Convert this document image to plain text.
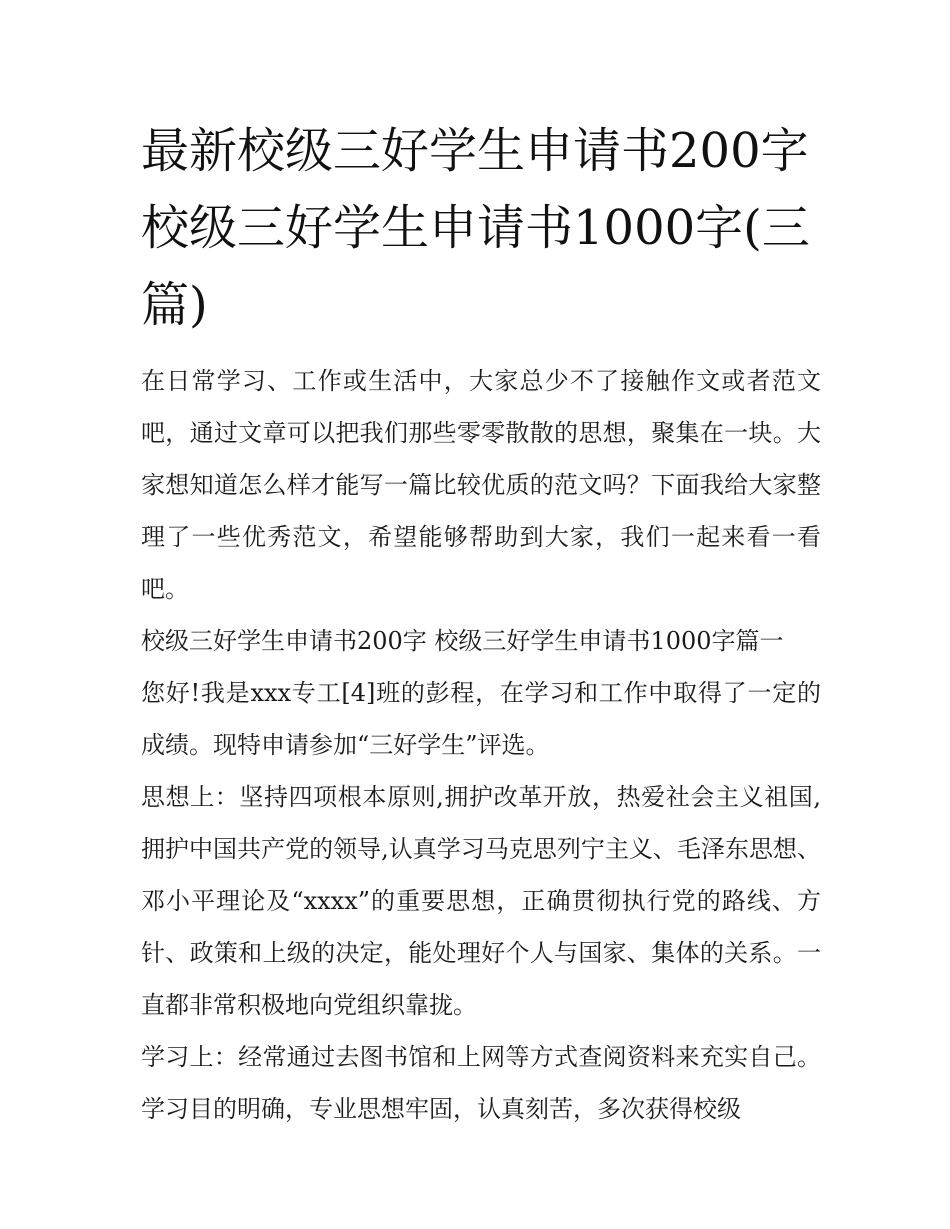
最新校级三好学生申请书200字 校级三好学生申请书1000字(三篇)

在日常学习、工作或生活中，大家总少不了接触作文或者范文吧，通过文章可以把我们那些零零散散的思想，聚集在一块。大家想知道怎么样才能写一篇比较优质的范文吗？下面我给大家整理了一些优秀范文，希望能够帮助到大家，我们一起来看一看吧。

校级三好学生申请书200字 校级三好学生申请书1000字篇一

您好!我是xxx专工[4]班的彭程，在学习和工作中取得了一定的成绩。现特申请参加“三好学生”评选。

思想上：坚持四项根本原则,拥护改革开放，热爱社会主义祖国,拥护中国共产党的领导,认真学习马克思列宁主义、毛泽东思想、邓小平理论及“xxxx”的重要思想，正确贯彻执行党的路线、方针、政策和上级的决定，能处理好个人与国家、集体的关系。一直都非常积极地向党组织靠拢。

学习上：经常通过去图书馆和上网等方式查阅资料来充实自己。学习目的明确，专业思想牢固，认真刻苦，多次获得校级
